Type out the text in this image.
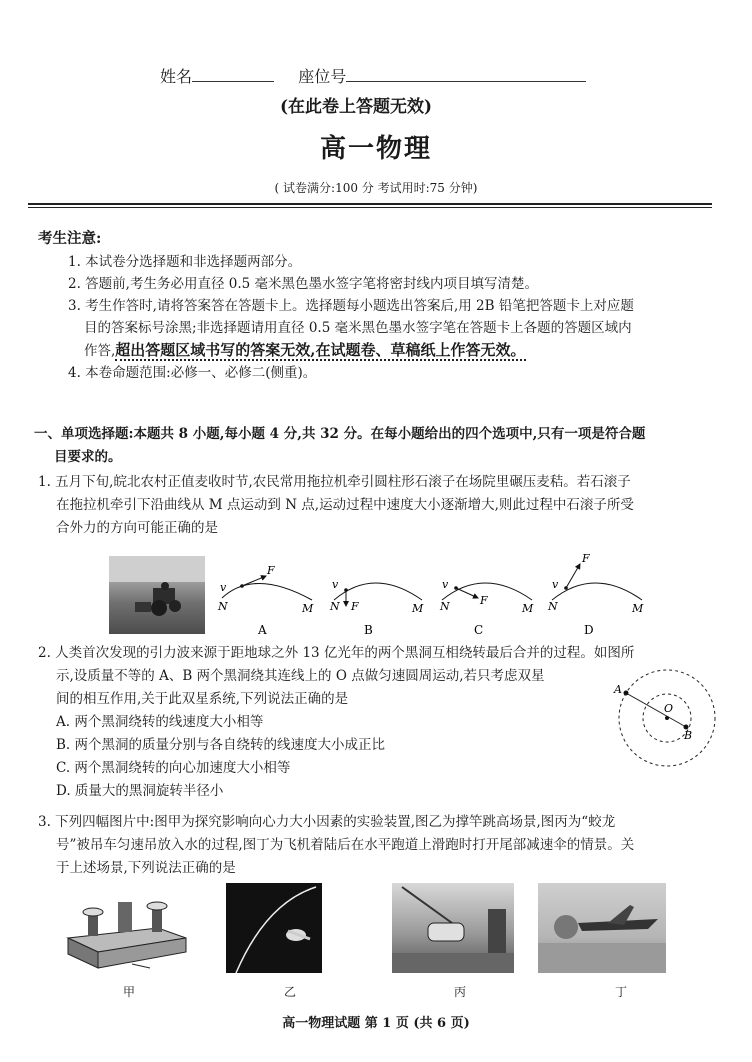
姓名	座位号
(在此卷上答题无效)
高一物理
( 试卷满分:100 分 考试用时:75 分钟)
考生注意:
1. 本试卷分选择题和非选择题两部分。
2. 答题前,考生务必用直径 0.5 毫米黑色墨水签字笔将密封线内项目填写清楚。
3. 考生作答时,请将答案答在答题卡上。选择题每小题选出答案后,用 2B 铅笔把答题卡上对应题
目的答案标号涂黑;非选择题请用直径 0.5 毫米黑色墨水签字笔在答题卡上各题的答题区域内
作答,超出答题区域书写的答案无效,在试题卷、草稿纸上作答无效。
4. 本卷命题范围:必修一、必修二(侧重)。
一、单项选择题:本题共 8 小题,每小题 4 分,共 32 分。在每小题给出的四个选项中,只有一项是符合题
目要求的。
1. 五月下旬,皖北农村正值麦收时节,农民常用拖拉机牵引圆柱形石滚子在场院里碾压麦秸。若石滚子
在拖拉机牵引下沿曲线从 M 点运动到 N 点,运动过程中速度大小逐渐增大,则此过程中石滚子所受
合外力的方向可能正确的是
v
F
N	M
A
v
F
N	M
B
v
F
N	M
C
v
F
N	M
D
2. 人类首次发现的引力波来源于距地球之外 13 亿光年的两个黑洞互相绕转最后合并的过程。如图所
示,设质量不等的 A、B 两个黑洞绕其连线上的 O 点做匀速圆周运动,若只考虑双星
间的相互作用,关于此双星系统,下列说法正确的是
A. 两个黑洞绕转的线速度大小相等
B. 两个黑洞的质量分别与各自绕转的线速度大小成正比
C. 两个黑洞绕转的向心加速度大小相等
D. 质量大的黑洞旋转半径小
A
O
B
3. 下列四幅图片中:图甲为探究影响向心力大小因素的实验装置,图乙为撑竿跳高场景,图丙为“蛟龙
号”被吊车匀速吊放入水的过程,图丁为飞机着陆后在水平跑道上滑跑时打开尾部减速伞的情景。关
于上述场景,下列说法正确的是
甲	乙	丙	丁
高一物理试题 第 1 页 (共 6 页)
